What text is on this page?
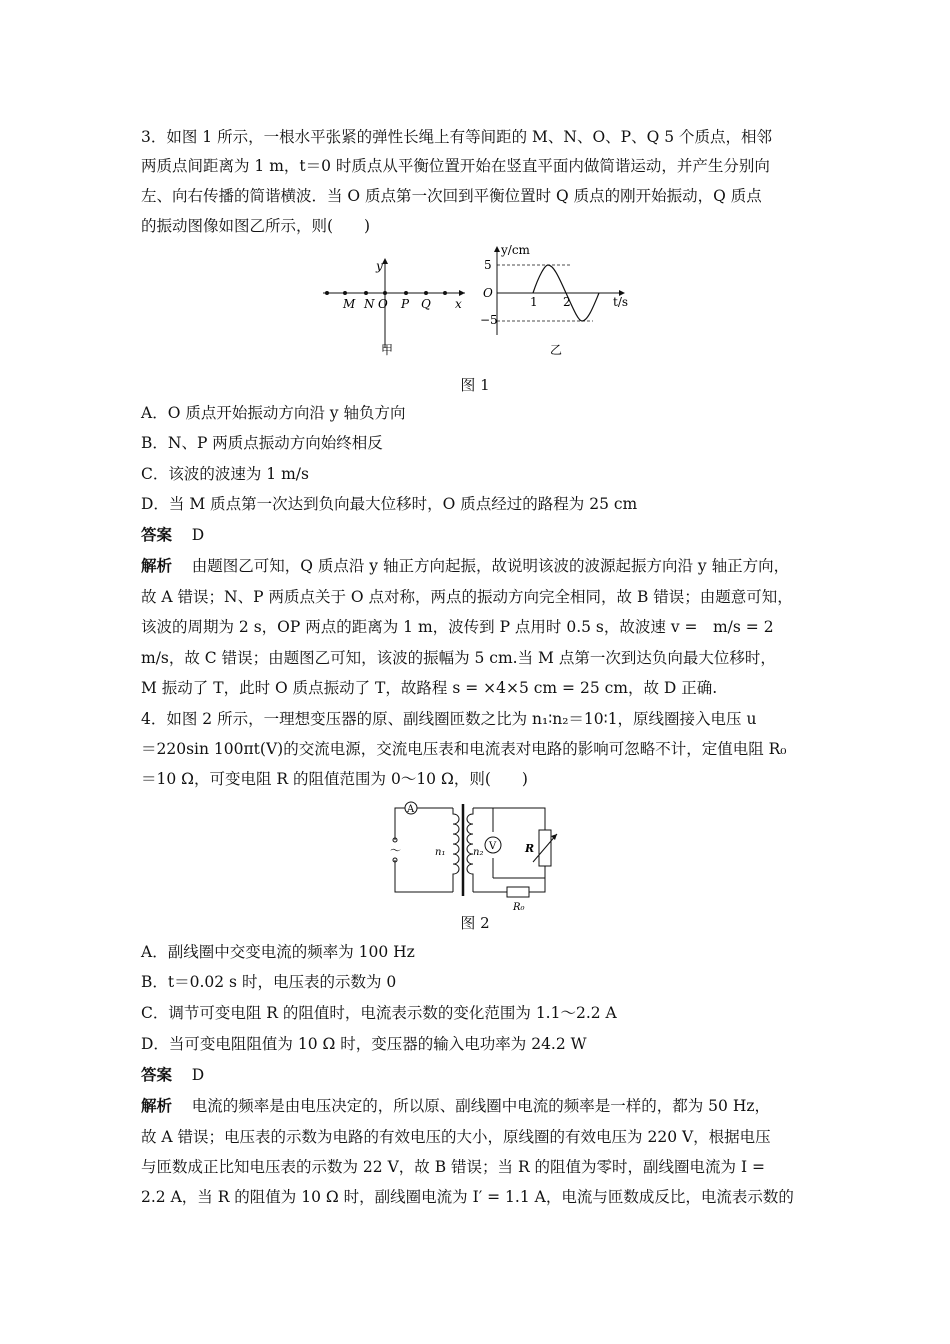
3．如图 1 所示，一根水平张紧的弹性长绳上有等间距的 M、N、O、P、Q 5 个质点，相邻
两质点间距离为 1 m，t＝0 时质点从平衡位置开始在竖直平面内做简谐运动，并产生分别向
左、向右传播的简谐横波．当 O 质点第一次回到平衡位置时 Q 质点的刚开始振动，Q 质点
的振动图像如图乙所示，则(　　)
y
x
M N O P Q
甲
y/cm
t/s
5
−5
O
1 2
乙
图 1
A．O 质点开始振动方向沿 y 轴负方向
B．N、P 两质点振动方向始终相反
C．该波的波速为 1 m/s
D．当 M 质点第一次达到负向最大位移时，O 质点经过的路程为 25 cm
答案 D
解析 由题图乙可知，Q 质点沿 y 轴正方向起振，故说明该波的波源起振方向沿 y 轴正方向，
故 A 错误；N、P 两质点关于 O 点对称，两点的振动方向完全相同，故 B 错误；由题意可知，
该波的周期为 2 s，OP 两点的距离为 1 m，波传到 P 点用时 0.5 s，故波速 v =　m/s = 2
m/s，故 C 错误；由题图乙可知，该波的振幅为 5 cm.当 M 点第一次到达负向最大位移时，
M 振动了 T，此时 O 质点振动了 T，故路程 s = ×4×5 cm = 25 cm，故 D 正确.
4．如图 2 所示，一理想变压器的原、副线圈匝数之比为 n₁∶n₂＝10∶1，原线圈接入电压 u
＝220sin 100πt(V)的交流电源，交流电压表和电流表对电路的影响可忽略不计，定值电阻 R₀
＝10 Ω，可变电阻 R 的阻值范围为 0～10 Ω，则(　　)
～
A
n₁	n₂
V	R
R₀
图 2
A．副线圈中交变电流的频率为 100 Hz
B．t＝0.02 s 时，电压表的示数为 0
C．调节可变电阻 R 的阻值时，电流表示数的变化范围为 1.1～2.2 A
D．当可变电阻阻值为 10 Ω 时，变压器的输入电功率为 24.2 W
答案 D
解析 电流的频率是由电压决定的，所以原、副线圈中电流的频率是一样的，都为 50 Hz，
故 A 错误；电压表的示数为电路的有效电压的大小，原线圈的有效电压为 220 V，根据电压
与匝数成正比知电压表的示数为 22 V，故 B 错误；当 R 的阻值为零时，副线圈电流为 I =
2.2 A，当 R 的阻值为 10 Ω 时，副线圈电流为 I′ = 1.1 A，电流与匝数成反比，电流表示数的
